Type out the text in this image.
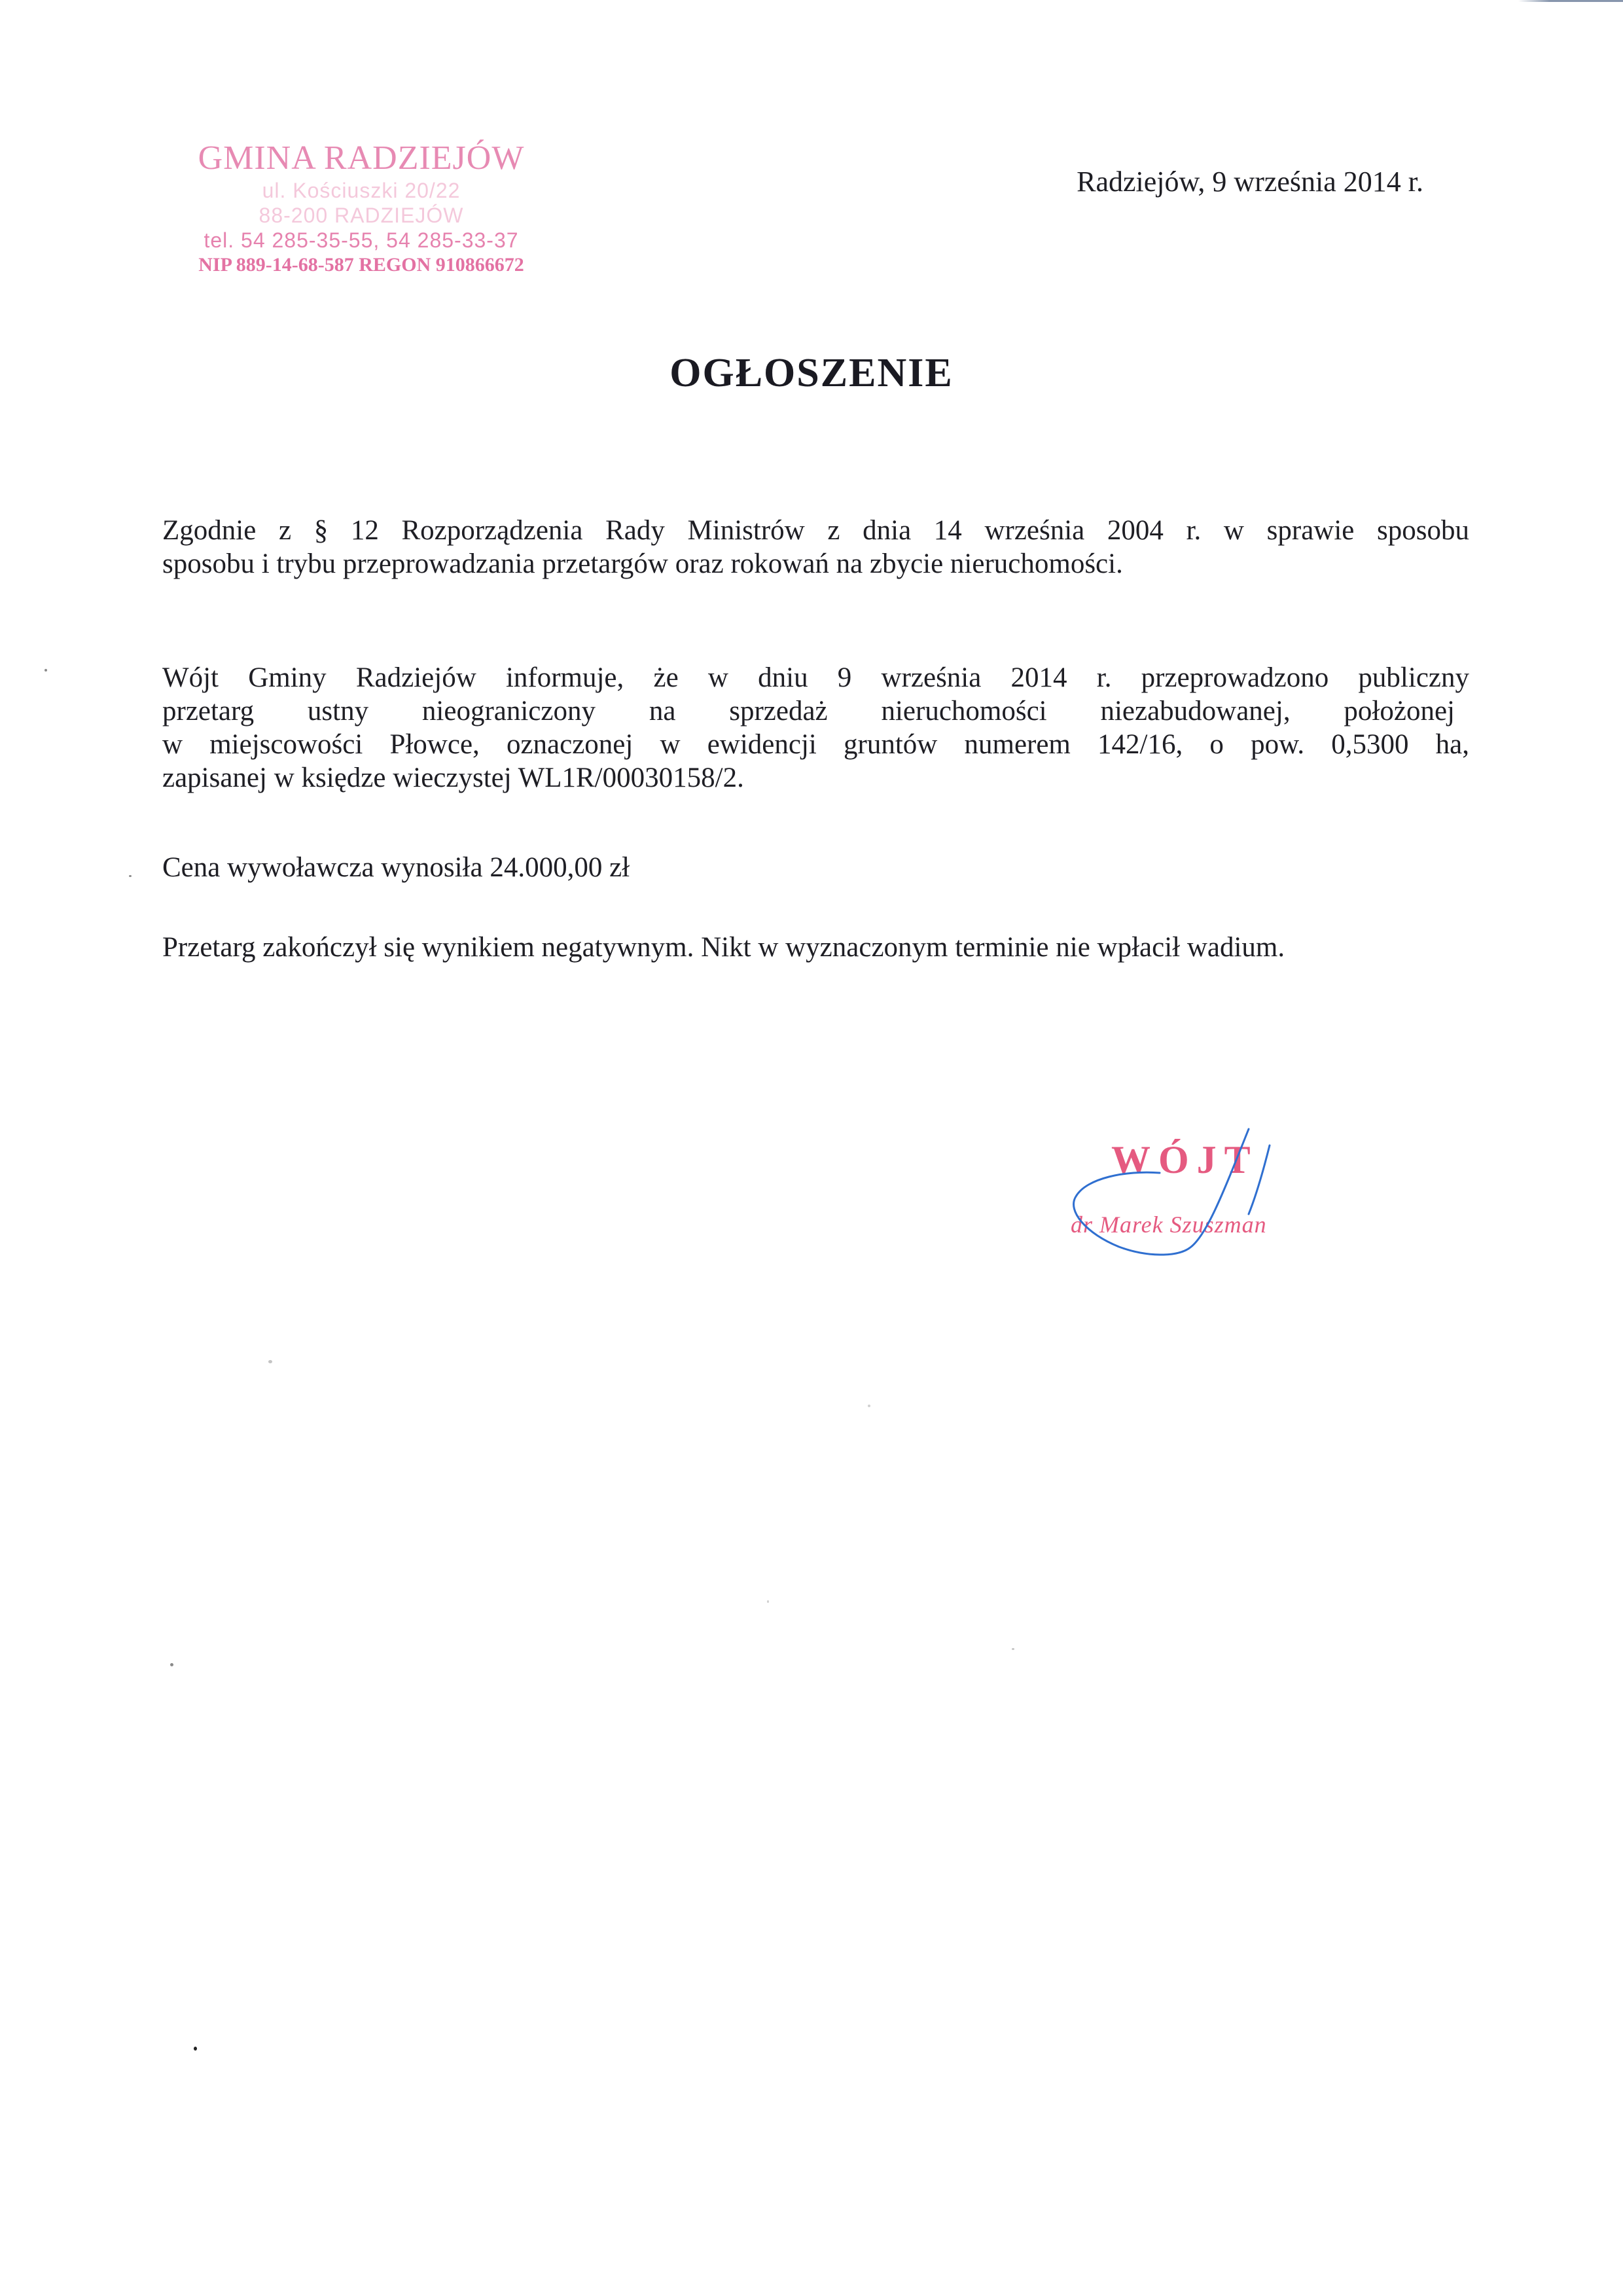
GMINA RADZIEJÓW
ul. Kościuszki 20/22
88-200 RADZIEJÓW
tel. 54 285-35-55, 54 285-33-37
NIP 889-14-68-587 REGON 910866672
Radziejów, 9 września 2014 r.
OGŁOSZENIE
Zgodnie z § 12 Rozporządzenia Rady Ministrów z dnia 14 września 2004 r. w sprawie sposobu
sposobu i trybu przeprowadzania przetargów oraz rokowań na zbycie nieruchomości.
Wójt Gminy Radziejów informuje, że w dniu 9 września 2014 r. przeprowadzono publiczny
przetarg ustny nieograniczony na sprzedaż nieruchomości niezabudowanej, położonej
w miejscowości Płowce, oznaczonej w ewidencji gruntów numerem 142/16, o pow. 0,5300 ha,
zapisanej w księdze wieczystej WL1R/00030158/2.
Cena wywoławcza wynosiła 24.000,00 zł
Przetarg zakończył się wynikiem negatywnym. Nikt w wyznaczonym terminie nie wpłacił wadium.
WÓJT
dr Marek Szuszman
